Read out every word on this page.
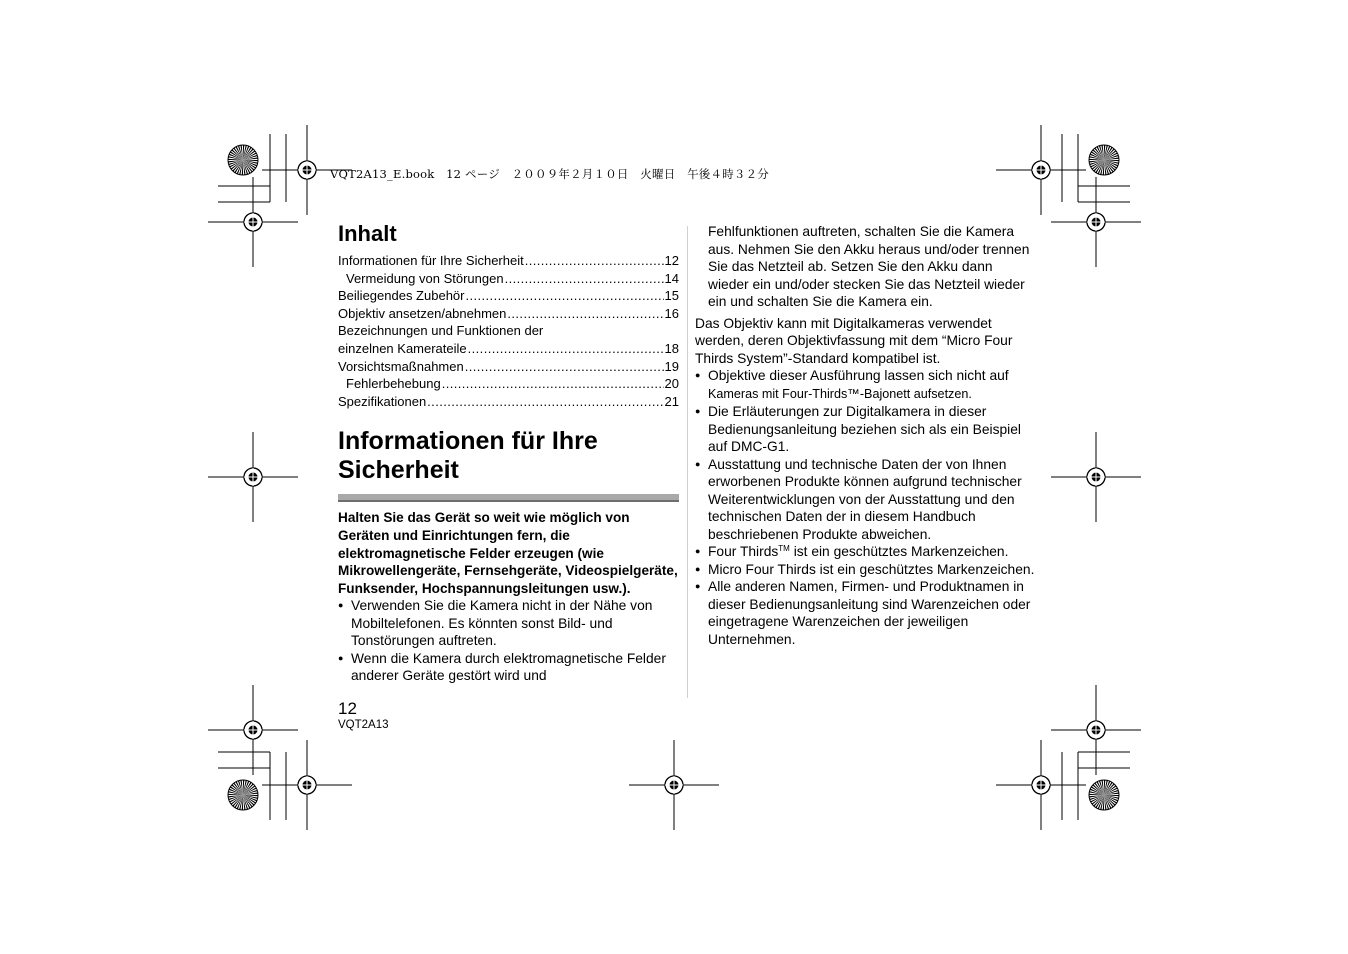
VQT2A13_E.book　12 ページ　２００９年２月１０日　火曜日　午後４時３２分
Inhalt
Informationen für Ihre Sicherheit .....	12
Vermeidung von Störungen .....	14
Beiliegendes Zubehör .....	15
Objektiv ansetzen/abnehmen .....	16
Bezeichnungen und Funktionen der
einzelnen Kamerateile .....	18
Vorsichtsmaßnahmen .....	19
Fehlerbehebung .....	20
Spezifikationen .....	21
Informationen für Ihre
Sicherheit
Halten Sie das Gerät so weit wie möglich von Geräten und Einrichtungen fern, die elektromagnetische Felder erzeugen (wie Mikrowellengeräte, Fernsehgeräte, Videospielgeräte, Funksender, Hochspannungsleitungen usw.).
● Verwenden Sie die Kamera nicht in der Nähe von Mobiltelefonen. Es könnten sonst Bild- und Tonstörungen auftreten.
● Wenn die Kamera durch elektromagnetische Felder anderer Geräte gestört wird und
Fehlfunktionen auftreten, schalten Sie die Kamera aus. Nehmen Sie den Akku heraus und/oder trennen Sie das Netzteil ab. Setzen Sie den Akku dann wieder ein und/oder stecken Sie das Netzteil wieder ein und schalten Sie die Kamera ein.
Das Objektiv kann mit Digitalkameras verwendet werden, deren Objektivfassung mit dem “Micro Four Thirds System”-Standard kompatibel ist.
● Objektive dieser Ausführung lassen sich nicht auf
Kameras mit Four-Thirds™-Bajonett aufsetzen.
● Die Erläuterungen zur Digitalkamera in dieser Bedienungsanleitung beziehen sich als ein Beispiel auf DMC-G1.
● Ausstattung und technische Daten der von Ihnen erworbenen Produkte können aufgrund technischer Weiterentwicklungen von der Ausstattung und den technischen Daten der in diesem Handbuch beschriebenen Produkte abweichen.
● Four Thirds™ ist ein geschütztes Markenzeichen.
● Micro Four Thirds ist ein geschütztes Markenzeichen.
● Alle anderen Namen, Firmen- und Produktnamen in dieser Bedienungsanleitung sind Warenzeichen oder eingetragene Warenzeichen der jeweiligen Unternehmen.
12
VQT2A13
